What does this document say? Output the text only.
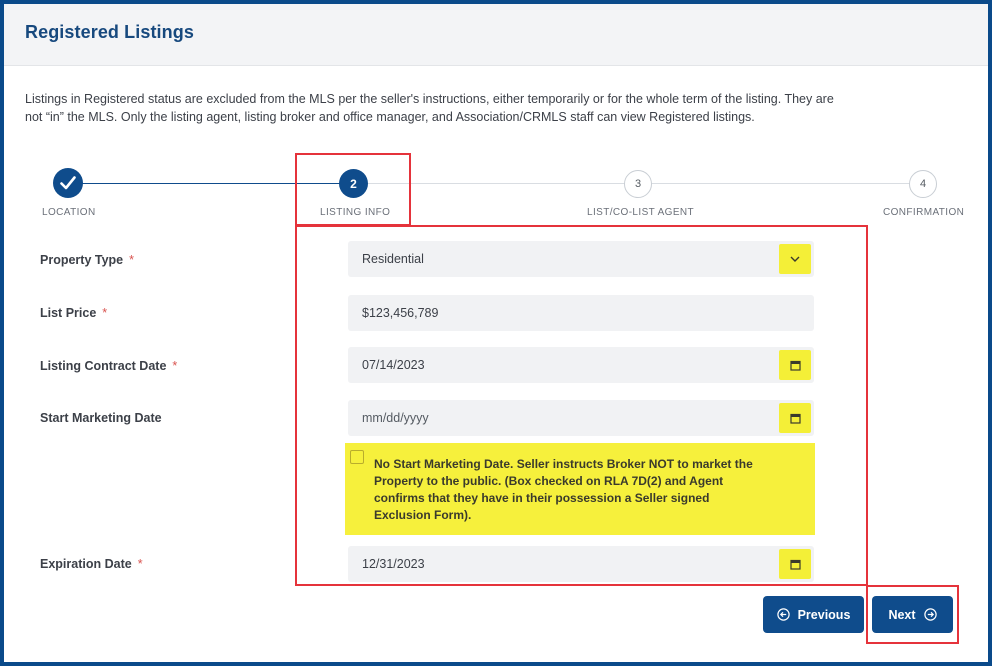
Registered Listings

Listings in Registered status are excluded from the MLS per the seller's instructions, either temporarily or for the whole term of the listing. They are not “in” the MLS. Only the listing agent, listing broker and office manager, and Association/CRMLS staff can view Registered listings.

LOCATION
2
LISTING INFO
3
LIST/CO-LIST AGENT
4
CONFIRMATION
Property Type *	Residential
List Price *	$123,456,789
Listing Contract Date *	07/14/2023
Start Marketing Date	mm/dd/yyyy
No Start Marketing Date. Seller instructs Broker NOT to market the Property to the public. (Box checked on RLA 7D(2) and Agent confirms that they have in their possession a Seller signed Exclusion Form).
Expiration Date *	12/31/2023
Previous	Next
